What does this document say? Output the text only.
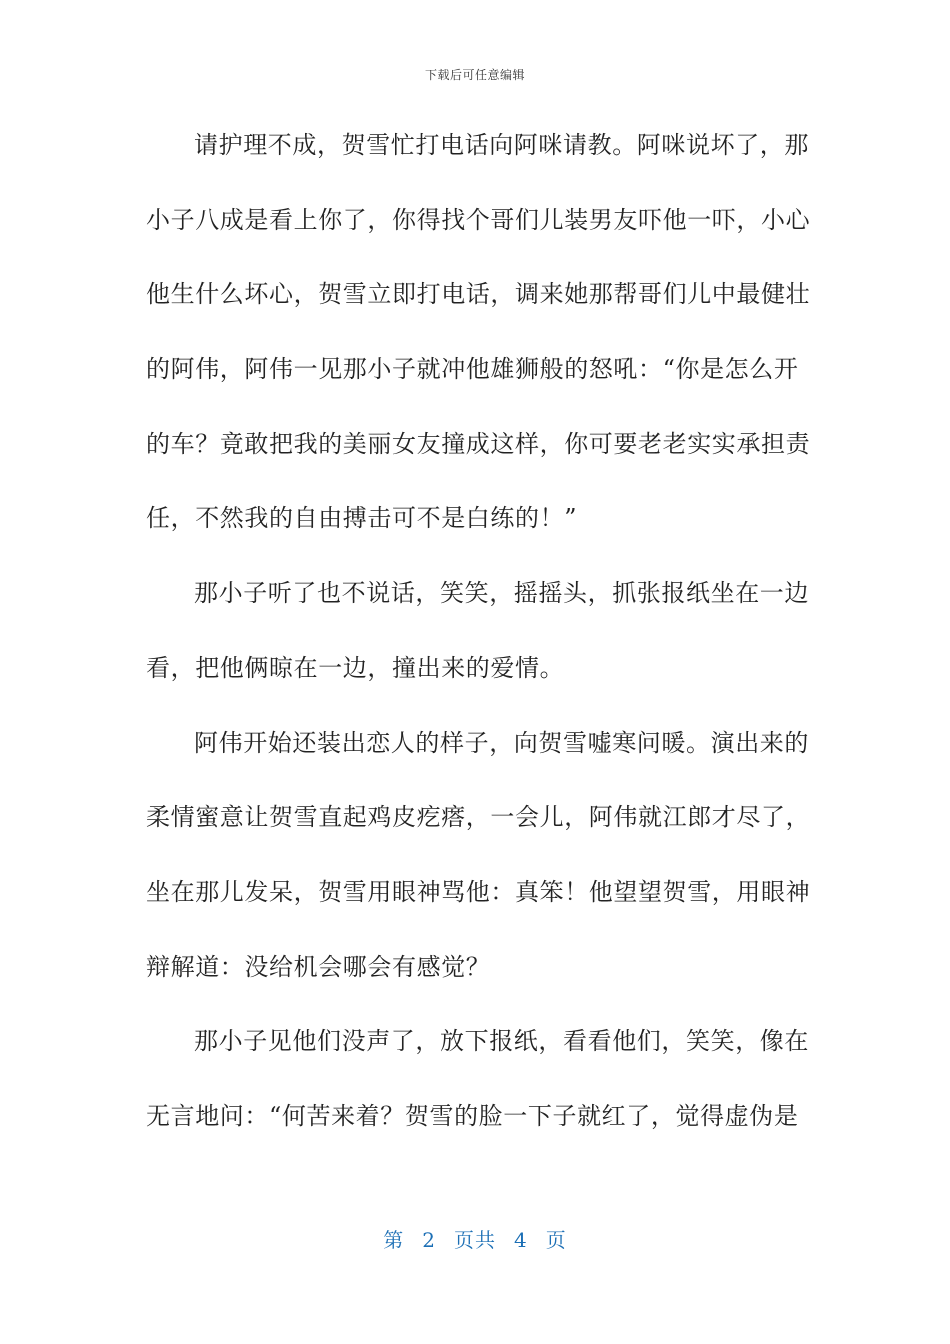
下载后可任意编辑
请护理不成，贺雪忙打电话向阿咪请教。阿咪说坏了，那
小子八成是看上你了，你得找个哥们儿装男友吓他一吓，小心
他生什么坏心，贺雪立即打电话，调来她那帮哥们儿中最健壮
的阿伟，阿伟一见那小子就冲他雄狮般的怒吼：“你是怎么开
的车？竟敢把我的美丽女友撞成这样，你可要老老实实承担责
任，不然我的自由搏击可不是白练的！”
那小子听了也不说话，笑笑，摇摇头，抓张报纸坐在一边
看，把他俩晾在一边，撞出来的爱情。
阿伟开始还装出恋人的样子，向贺雪嘘寒问暖。演出来的
柔情蜜意让贺雪直起鸡皮疙瘩，一会儿，阿伟就江郎才尽了，
坐在那儿发呆，贺雪用眼神骂他：真笨！他望望贺雪，用眼神
辩解道：没给机会哪会有感觉？
那小子见他们没声了，放下报纸，看看他们，笑笑，像在
无言地问：“何苦来着？贺雪的脸一下子就红了，觉得虚伪是
第 2 页共 4 页
